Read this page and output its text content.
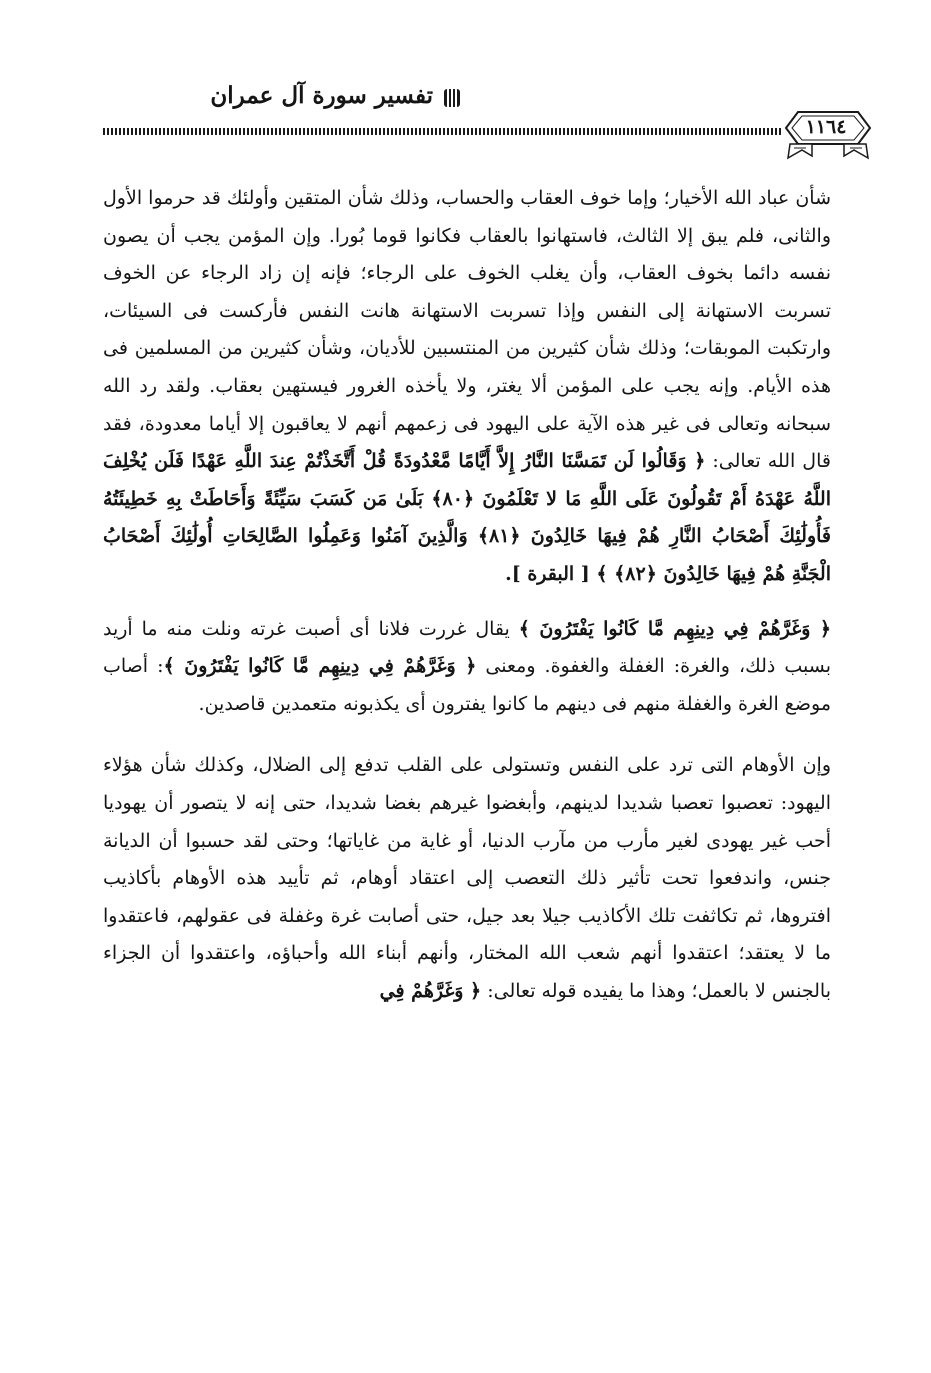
تفسير سورة آل عمران
١١٦٤

شأن عباد الله الأخيار؛ وإما خوف العقاب والحساب، وذلك شأن المتقين وأولئك قد حرموا الأول والثانى، فلم يبق إلا الثالث، فاستهانوا بالعقاب فكانوا قوما بُورا. وإن المؤمن يجب أن يصون نفسه دائما بخوف العقاب، وأن يغلب الخوف على الرجاء؛ فإنه إن زاد الرجاء عن الخوف تسربت الاستهانة إلى النفس وإذا تسربت الاستهانة هانت النفس فأركست فى السيئات، وارتكبت الموبقات؛ وذلك شأن كثيرين من المنتسبين للأديان، وشأن كثيرين من المسلمين فى هذه الأيام. وإنه يجب على المؤمن ألا يغتر، ولا يأخذه الغرور فيستهين بعقاب. ولقد رد الله سبحانه وتعالى فى غير هذه الآية على اليهود فى زعمهم أنهم لا يعاقبون إلا أياما معدودة، فقد قال الله تعالى: ﴿ وَقَالُوا لَن تَمَسَّنَا النَّارُ إِلاَّ أَيَّامًا مَّعْدُودَةً قُلْ أَتَّخَذْتُمْ عِندَ اللَّهِ عَهْدًا فَلَن يُخْلِفَ اللَّهُ عَهْدَهُ أَمْ تَقُولُونَ عَلَى اللَّهِ مَا لا تَعْلَمُونَ ﴿٨٠﴾ بَلَىٰ مَن كَسَبَ سَيِّئَةً وَأَحَاطَتْ بِهِ خَطِيئَتُهُ فَأُولَٰئِكَ أَصْحَابُ النَّارِ هُمْ فِيهَا خَالِدُونَ ﴿٨١﴾ وَالَّذِينَ آمَنُوا وَعَمِلُوا الصَّالِحَاتِ أُولَٰئِكَ أَصْحَابُ الْجَنَّةِ هُمْ فِيهَا خَالِدُونَ ﴿٨٢﴾ ﴾ [ البقرة ].

﴿ وَغَرَّهُمْ فِي دِينِهِم مَّا كَانُوا يَفْتَرُونَ ﴾ يقال غررت فلانا أى أصبت غرته ونلت منه ما أريد بسبب ذلك، والغرة: الغفلة والغفوة. ومعنى ﴿ وَغَرَّهُمْ فِي دِينِهِم مَّا كَانُوا يَفْتَرُونَ ﴾: أصاب موضع الغرة والغفلة منهم فى دينهم ما كانوا يفترون أى يكذبونه متعمدين قاصدين.

وإن الأوهام التى ترد على النفس وتستولى على القلب تدفع إلى الضلال، وكذلك شأن هؤلاء اليهود: تعصبوا تعصبا شديدا لدينهم، وأبغضوا غيرهم بغضا شديدا، حتى إنه لا يتصور أن يهوديا أحب غير يهودى لغير مأرب من مآرب الدنيا، أو غاية من غاياتها؛ وحتى لقد حسبوا أن الديانة جنس، واندفعوا تحت تأثير ذلك التعصب إلى اعتقاد أوهام، ثم تأييد هذه الأوهام بأكاذيب افتروها، ثم تكاثفت تلك الأكاذيب جيلا بعد جيل، حتى أصابت غرة وغفلة فى عقولهم، فاعتقدوا ما لا يعتقد؛ اعتقدوا أنهم شعب الله المختار، وأنهم أبناء الله وأحباؤه، واعتقدوا أن الجزاء بالجنس لا بالعمل؛ وهذا ما يفيده قوله تعالى: ﴿ وَغَرَّهُمْ فِي
